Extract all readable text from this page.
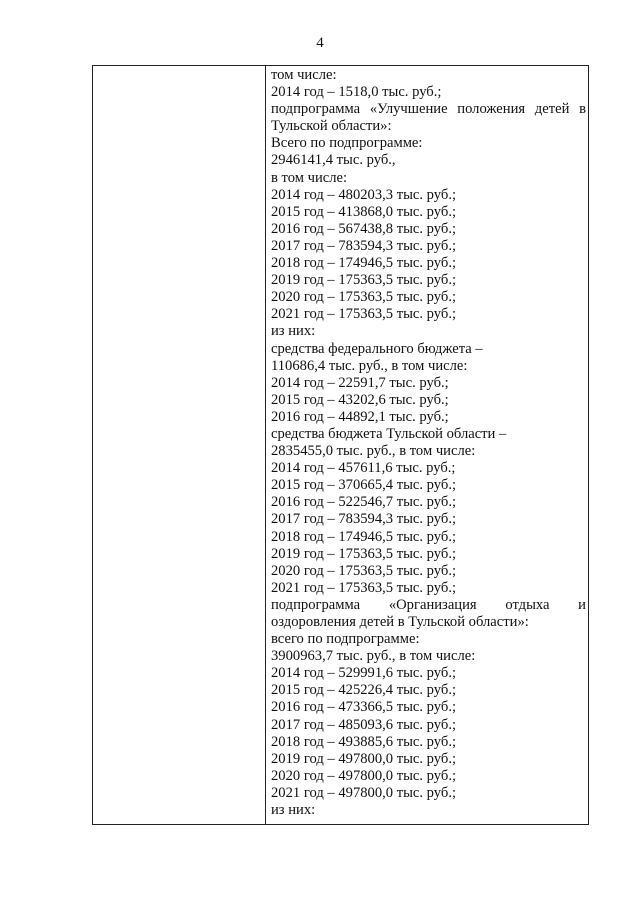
4
том числе:
2014 год – 1518,0 тыс. руб.;
подпрограмма «Улучшение положения детей в
Тульской области»:
Всего по подпрограмме:
2946141,4 тыс. руб.,
в том числе:
2014 год – 480203,3 тыс. руб.;
2015 год – 413868,0 тыс. руб.;
2016 год – 567438,8 тыс. руб.;
2017 год – 783594,3 тыс. руб.;
2018 год – 174946,5 тыс. руб.;
2019 год – 175363,5 тыс. руб.;
2020 год – 175363,5 тыс. руб.;
2021 год – 175363,5 тыс. руб.;
из них:
средства федерального бюджета –
110686,4 тыс. руб., в том числе:
2014 год – 22591,7 тыс. руб.;
2015 год – 43202,6 тыс. руб.;
2016 год – 44892,1 тыс. руб.;
средства бюджета Тульской области –
2835455,0 тыс. руб., в том числе:
2014 год – 457611,6 тыс. руб.;
2015 год – 370665,4 тыс. руб.;
2016 год – 522546,7 тыс. руб.;
2017 год – 783594,3 тыс. руб.;
2018 год – 174946,5 тыс. руб.;
2019 год – 175363,5 тыс. руб.;
2020 год – 175363,5 тыс. руб.;
2021 год – 175363,5 тыс. руб.;
подпрограмма «Организация отдыха и
оздоровления детей в Тульской области»:
всего по подпрограмме:
3900963,7 тыс. руб., в том числе:
2014 год – 529991,6 тыс. руб.;
2015 год – 425226,4 тыс. руб.;
2016 год – 473366,5 тыс. руб.;
2017 год – 485093,6 тыс. руб.;
2018 год – 493885,6 тыс. руб.;
2019 год – 497800,0 тыс. руб.;
2020 год – 497800,0 тыс. руб.;
2021 год – 497800,0 тыс. руб.;
из них:
